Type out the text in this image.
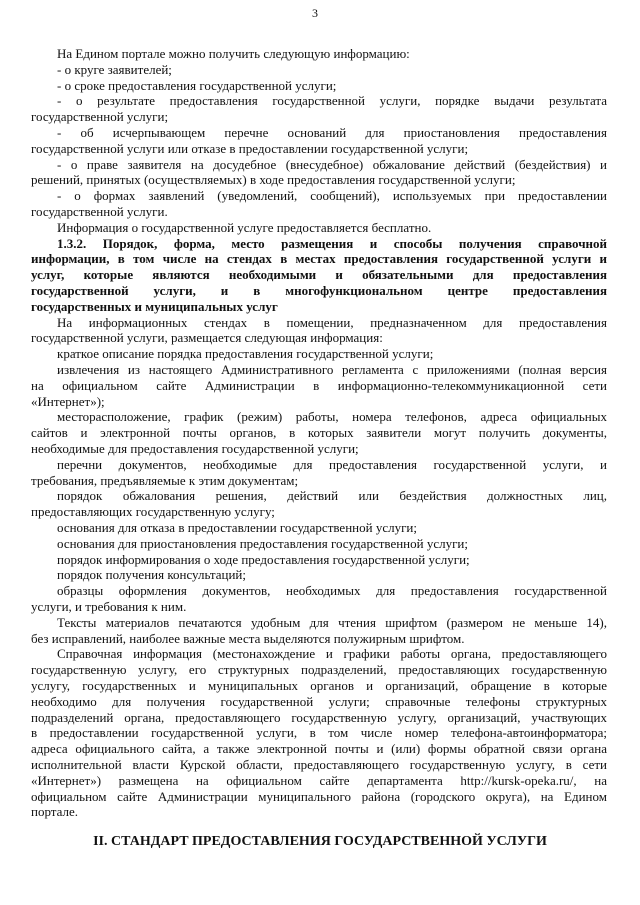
3
На Едином портале можно получить следующую информацию:
- о круге заявителей;
- о сроке предоставления государственной услуги;
- о результате предоставления государственной услуги, порядке выдачи результата
государственной услуги;
- об исчерпывающем перечне оснований для приостановления предоставления
государственной услуги или отказе в предоставлении государственной услуги;
- о праве заявителя на досудебное (внесудебное) обжалование действий (бездействия) и
решений, принятых (осуществляемых) в ходе предоставления государственной услуги;
- о формах заявлений (уведомлений, сообщений), используемых при предоставлении
государственной услуги.
Информация о государственной услуге предоставляется бесплатно.
1.3.2. Порядок, форма, место размещения и способы получения справочной
информации, в том числе на стендах в местах предоставления государственной услуги и
услуг, которые являются необходимыми и обязательными для предоставления
государственной услуги, и в многофункциональном центре предоставления
государственных и муниципальных услуг
На информационных стендах в помещении, предназначенном для предоставления
государственной услуги, размещается следующая информация:
краткое описание порядка предоставления государственной услуги;
извлечения из настоящего Административного регламента с приложениями (полная версия
на официальном сайте Администрации в информационно-телекоммуникационной сети
«Интернет»);
месторасположение, график (режим) работы, номера телефонов, адреса официальных
сайтов и электронной почты органов, в которых заявители могут получить документы,
необходимые для предоставления государственной услуги;
перечни документов, необходимые для предоставления государственной услуги, и
требования, предъявляемые к этим документам;
порядок обжалования решения, действий или бездействия должностных лиц,
предоставляющих государственную услугу;
основания для отказа в предоставлении государственной услуги;
основания для приостановления предоставления государственной услуги;
порядок информирования о ходе предоставления государственной услуги;
порядок получения консультаций;
образцы оформления документов, необходимых для предоставления государственной
услуги, и требования к ним.
Тексты материалов печатаются удобным для чтения шрифтом (размером не меньше 14),
без исправлений, наиболее важные места выделяются полужирным шрифтом.
Справочная информация (местонахождение и графики работы органа, предоставляющего
государственную услугу, его структурных подразделений, предоставляющих государственную
услугу, государственных и муниципальных органов и организаций, обращение в которые
необходимо для получения государственной услуги; справочные телефоны структурных
подразделений органа, предоставляющего государственную услугу, организаций, участвующих
в предоставлении государственной услуги, в том числе номер телефона-автоинформатора;
адреса официального сайта, а также электронной почты и (или) формы обратной связи органа
исполнительной власти Курской области, предоставляющего государственную услугу, в сети
«Интернет») размещена на официальном сайте департамента http://kursk-opeka.ru/, на
официальном сайте Администрации муниципального района (городского округа), на Едином
портале.
II. СТАНДАРТ ПРЕДОСТАВЛЕНИЯ ГОСУДАРСТВЕННОЙ УСЛУГИ
